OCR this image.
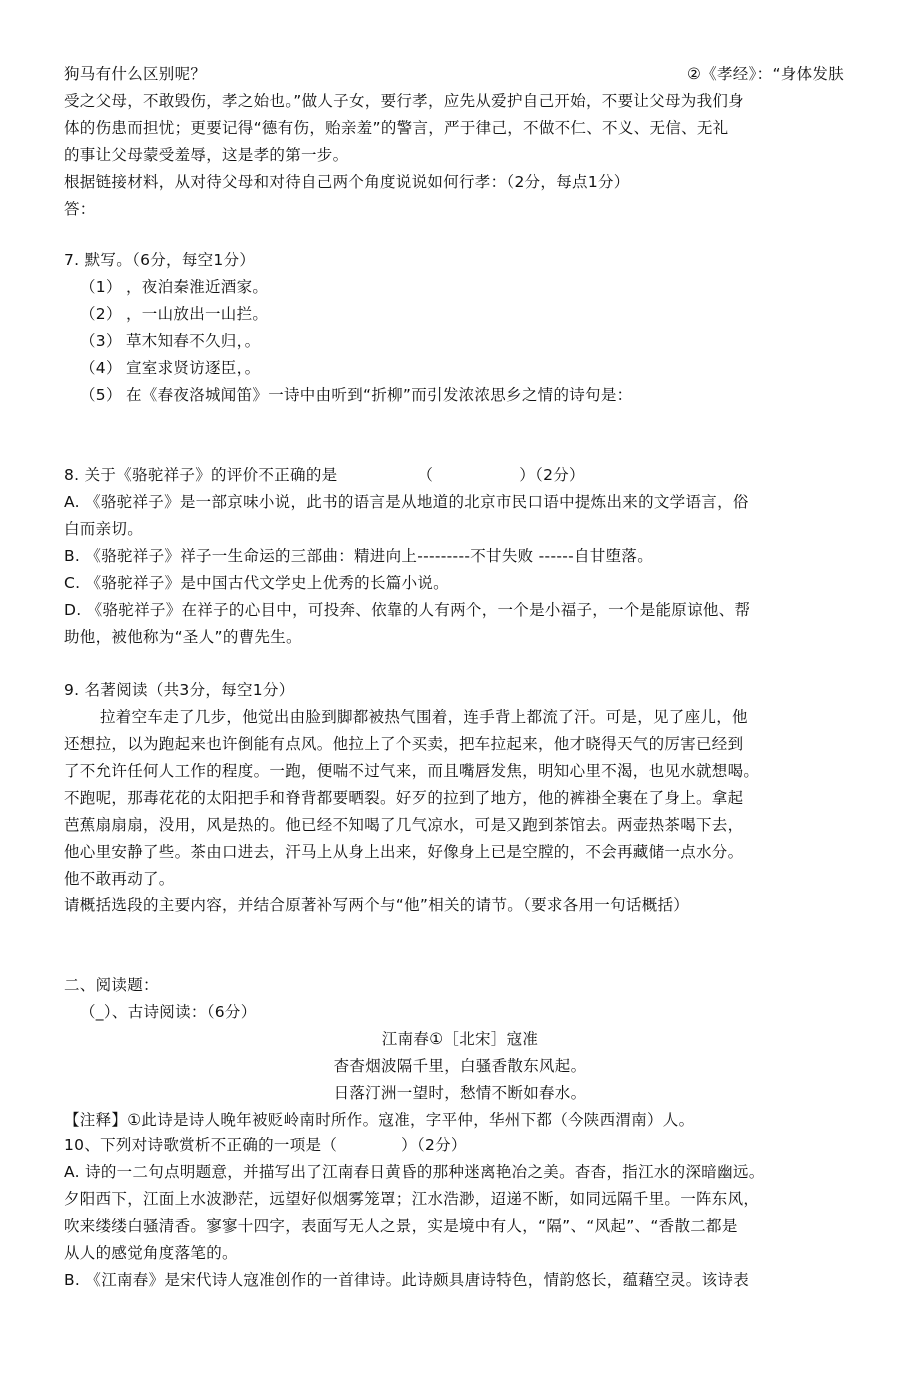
狗马有什么区别呢？	②《孝经》：“身体发肤
受之父母，不敢毁伤，孝之始也。”做人子女，要行孝，应先从爱护自己开始，不要让父母为我们身
体的伤患而担忧；更要记得“德有伤，贻亲羞”的警言，严于律己，不做不仁、不义、无信、无礼
的事让父母蒙受羞辱，这是孝的第一步。
根据链接材料，从对待父母和对待自己两个角度说说如何行孝：（2分，每点1分）
答：
7. 默写。（6分，每空1分）
（1） ，夜泊秦淮近酒家。
（2） ，一山放出一山拦。
（3） 草木知春不久归，。
（4） 宣室求贤访逐臣，。
（5） 在《春夜洛城闻笛》一诗中由听到“折柳”而引发浓浓思乡之情的诗句是：
8. 关于《骆驼祥子》的评价不正确的是	（	）（2分）
A. 《骆驼祥子》是一部京味小说，此书的语言是从地道的北京市民口语中提炼出来的文学语言，俗
白而亲切。
B. 《骆驼祥子》祥子一生命运的三部曲：精进向上---------不甘失败 ------自甘堕落。
C. 《骆驼祥子》是中国古代文学史上优秀的长篇小说。
D. 《骆驼祥子》在祥子的心目中，可投奔、依靠的人有两个，一个是小福子，一个是能原谅他、帮
助他，被他称为“圣人”的曹先生。
9. 名著阅读（共3分，每空1分）
拉着空车走了几步，他觉出由脸到脚都被热气围着，连手背上都流了汗。可是，见了座儿，他
还想拉，以为跑起来也许倒能有点风。他拉上了个买卖，把车拉起来，他才晓得天气的厉害已经到
了不允许任何人工作的程度。一跑，便喘不过气来，而且嘴唇发焦，明知心里不渴，也见水就想喝。
不跑呢，那毒花花的太阳把手和脊背都要晒裂。好歹的拉到了地方，他的裤褂全裹在了身上。拿起
芭蕉扇扇扇，没用，风是热的。他已经不知喝了几气凉水，可是又跑到茶馆去。两壶热茶喝下去，
他心里安静了些。茶由口进去，汗马上从身上出来，好像身上已是空膛的，不会再藏储一点水分。
他不敢再动了。
请概括选段的主要内容，并结合原著补写两个与“他”相关的请节。（要求各用一句话概括）
二、阅读题：
（_）、古诗阅读：（6分）
江南春①［北宋］寇准
杳杳烟波隔千里，白骚香散东风起。
日落汀洲一望时，愁情不断如春水。
【注释】①此诗是诗人晚年被贬岭南时所作。寇准，字平仲，华州下都（今陕西渭南）人。
10、下列对诗歌赏析不正确的一项是（	）（2分）
A. 诗的一二句点明题意，并描写出了江南春日黄昏的那种迷离艳冶之美。杳杳，指江水的深暗幽远。
夕阳西下，江面上水波渺茫，远望好似烟雾笼罩；江水浩渺，迢递不断，如同远隔千里。一阵东风，
吹来缕缕白骚清香。寥寥十四字，表面写无人之景，实是境中有人，“隔”、“风起”、“香散二都是
从人的感觉角度落笔的。
B. 《江南春》是宋代诗人寇准创作的一首律诗。此诗颇具唐诗特色，情韵悠长，蕴藉空灵。该诗表
